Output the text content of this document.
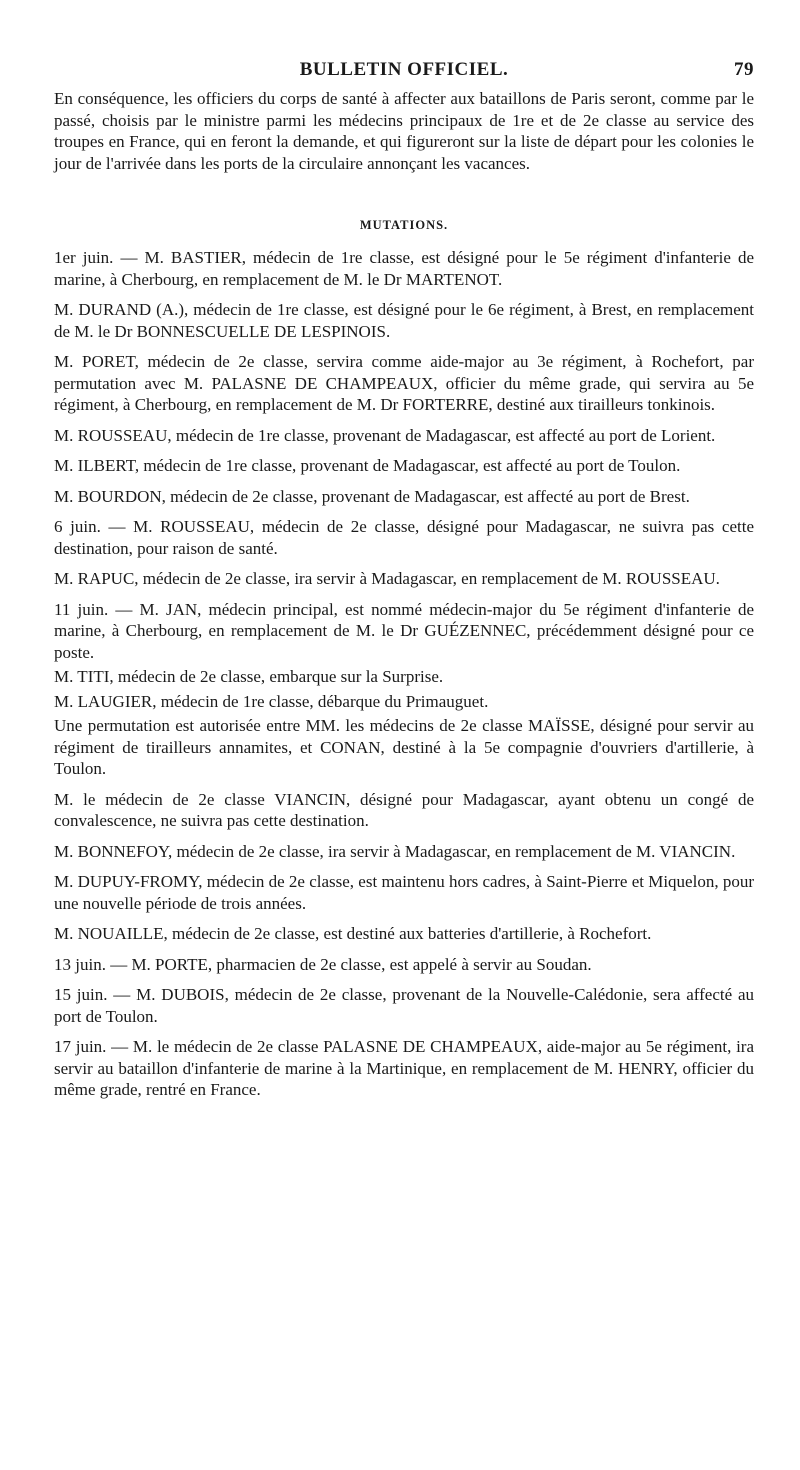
BULLETIN OFFICIEL.	79

En conséquence, les officiers du corps de santé à affecter aux bataillons de Paris seront, comme par le passé, choisis par le ministre parmi les médecins principaux de 1re et de 2e classe au service des troupes en France, qui en feront la demande, et qui figureront sur la liste de départ pour les colonies le jour de l'arrivée dans les ports de la circulaire annonçant les vacances.

MUTATIONS.

1er juin. — M. BASTIER, médecin de 1re classe, est désigné pour le 5e régiment d'infanterie de marine, à Cherbourg, en remplacement de M. le Dr MARTENOT.

M. DURAND (A.), médecin de 1re classe, est désigné pour le 6e régiment, à Brest, en remplacement de M. le Dr BONNESCUELLE DE LESPINOIS.

M. PORET, médecin de 2e classe, servira comme aide-major au 3e régiment, à Rochefort, par permutation avec M. PALASNE DE CHAMPEAUX, officier du même grade, qui servira au 5e régiment, à Cherbourg, en remplacement de M. Dr FORTERRE, destiné aux tirailleurs tonkinois.

M. ROUSSEAU, médecin de 1re classe, provenant de Madagascar, est affecté au port de Lorient.

M. ILBERT, médecin de 1re classe, provenant de Madagascar, est affecté au port de Toulon.

M. BOURDON, médecin de 2e classe, provenant de Madagascar, est affecté au port de Brest.

6 juin. — M. ROUSSEAU, médecin de 2e classe, désigné pour Madagascar, ne suivra pas cette destination, pour raison de santé.

M. RAPUC, médecin de 2e classe, ira servir à Madagascar, en remplacement de M. ROUSSEAU.

11 juin. — M. JAN, médecin principal, est nommé médecin-major du 5e régiment d'infanterie de marine, à Cherbourg, en remplacement de M. le Dr GUÉZENNEC, précédemment désigné pour ce poste.

M. TITI, médecin de 2e classe, embarque sur la Surprise.

M. LAUGIER, médecin de 1re classe, débarque du Primauguet.

Une permutation est autorisée entre MM. les médecins de 2e classe MAÏSSE, désigné pour servir au régiment de tirailleurs annamites, et CONAN, destiné à la 5e compagnie d'ouvriers d'artillerie, à Toulon.

M. le médecin de 2e classe VIANCIN, désigné pour Madagascar, ayant obtenu un congé de convalescence, ne suivra pas cette destination.

M. BONNEFOY, médecin de 2e classe, ira servir à Madagascar, en remplacement de M. VIANCIN.

M. DUPUY-FROMY, médecin de 2e classe, est maintenu hors cadres, à Saint-Pierre et Miquelon, pour une nouvelle période de trois années.

M. NOUAILLE, médecin de 2e classe, est destiné aux batteries d'artillerie, à Rochefort.

13 juin. — M. PORTE, pharmacien de 2e classe, est appelé à servir au Soudan.

15 juin. — M. DUBOIS, médecin de 2e classe, provenant de la Nouvelle-Calédonie, sera affecté au port de Toulon.

17 juin. — M. le médecin de 2e classe PALASNE DE CHAMPEAUX, aide-major au 5e régiment, ira servir au bataillon d'infanterie de marine à la Martinique, en remplacement de M. HENRY, officier du même grade, rentré en France.
